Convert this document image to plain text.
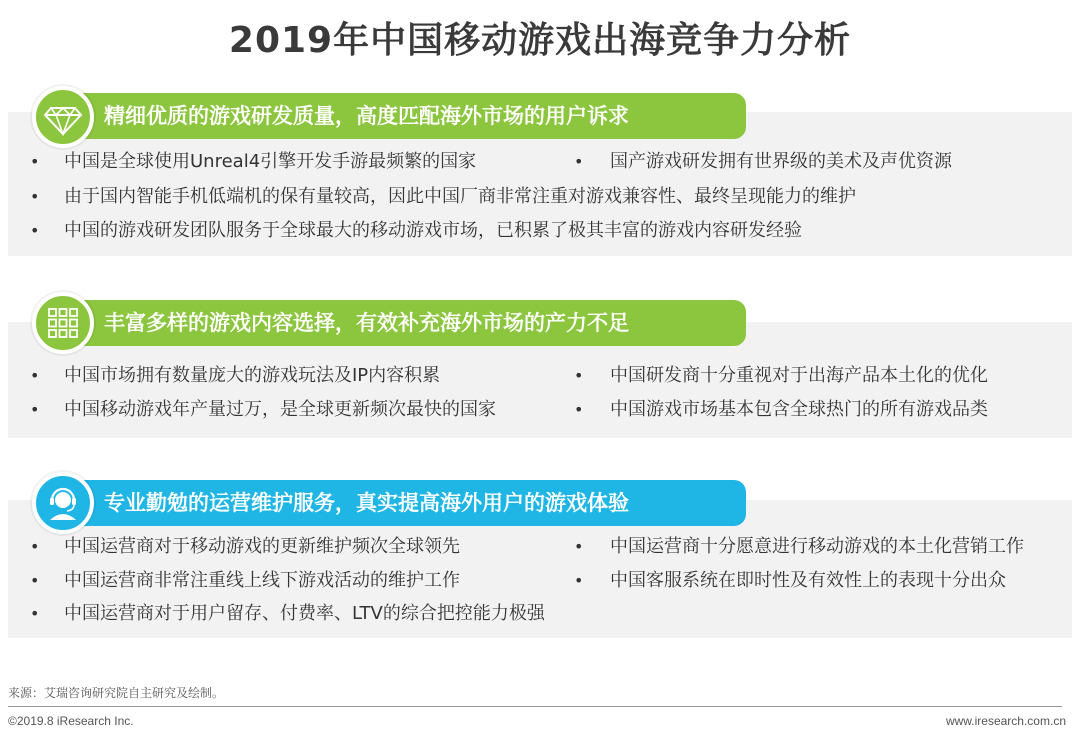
2019年中国移动游戏出海竞争力分析
精细优质的游戏研发质量，高度匹配海外市场的用户诉求
• 中国是全球使用Unreal4引擎开发手游最频繁的国家	• 国产游戏研发拥有世界级的美术及声优资源
• 由于国内智能手机低端机的保有量较高，因此中国厂商非常注重对游戏兼容性、最终呈现能力的维护
• 中国的游戏研发团队服务于全球最大的移动游戏市场，已积累了极其丰富的游戏内容研发经验
丰富多样的游戏内容选择，有效补充海外市场的产力不足
• 中国市场拥有数量庞大的游戏玩法及IP内容积累	• 中国研发商十分重视对于出海产品本土化的优化
• 中国移动游戏年产量过万，是全球更新频次最快的国家	• 中国游戏市场基本包含全球热门的所有游戏品类
专业勤勉的运营维护服务，真实提高海外用户的游戏体验
• 中国运营商对于移动游戏的更新维护频次全球领先	• 中国运营商十分愿意进行移动游戏的本土化营销工作
• 中国运营商非常注重线上线下游戏活动的维护工作	• 中国客服系统在即时性及有效性上的表现十分出众
• 中国运营商对于用户留存、付费率、LTV的综合把控能力极强
来源：艾瑞咨询研究院自主研究及绘制。
©2019.8 iResearch Inc.	www.iresearch.com.cn
